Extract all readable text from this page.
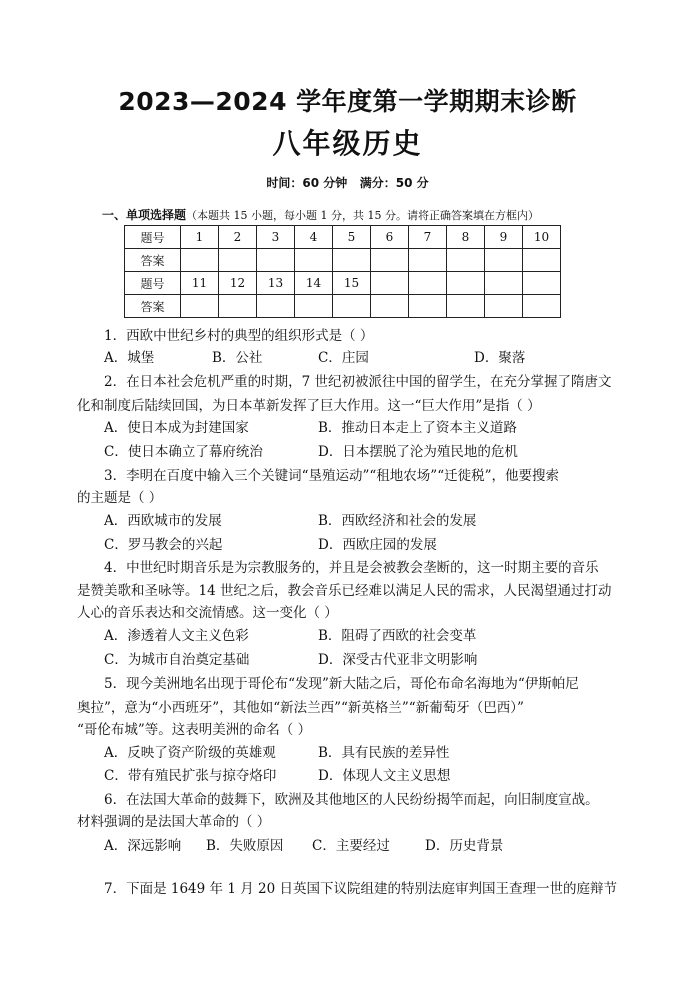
2023—2024 学年度第一学期期末诊断
八年级历史
时间：60 分钟   满分：50 分
一、单项选择题（本题共 15 小题，每小题 1 分，共 15 分。请将正确答案填在方框内）
题号	1	2	3	4	5	6	7	8	9	10
答案										
题号	11	12	13	14	15					
答案										
1．西欧中世纪乡村的典型的组织形式是（ ）
A．城堡	B．公社	C．庄园	D．聚落
2．在日本社会危机严重的时期，7 世纪初被派往中国的留学生，在充分掌握了隋唐文
化和制度后陆续回国，为日本革新发挥了巨大作用。这一“巨大作用”是指（ ）
A．使日本成为封建国家	B．推动日本走上了资本主义道路
C．使日本确立了幕府统治	D．日本摆脱了沦为殖民地的危机
3．李明在百度中输入三个关键词“垦殖运动”“租地农场”“迁徙税”，他要搜索
的主题是（ ）
A．西欧城市的发展	B．西欧经济和社会的发展
C．罗马教会的兴起	D．西欧庄园的发展
4．中世纪时期音乐是为宗教服务的，并且是会被教会垄断的，这一时期主要的音乐
是赞美歌和圣咏等。14 世纪之后，教会音乐已经难以满足人民的需求，人民渴望通过打动
人心的音乐表达和交流情感。这一变化（ ）
A．渗透着人文主义色彩	B．阻碍了西欧的社会变革
C．为城市自治奠定基础	D．深受古代亚非文明影响
5．现今美洲地名出现于哥伦布“发现”新大陆之后，哥伦布命名海地为“伊斯帕尼
奥拉”，意为“小西班牙”，其他如“新法兰西”“新英格兰”“新葡萄牙（巴西）”
“哥伦布城”等。这表明美洲的命名（ ）
A．反映了资产阶级的英雄观	B．具有民族的差异性
C．带有殖民扩张与掠夺烙印	D．体现人文主义思想
6．在法国大革命的鼓舞下，欧洲及其他地区的人民纷纷揭竿而起，向旧制度宣战。
材料强调的是法国大革命的（ ）
A．深远影响 B．失败原因 C．主要经过	D．历史背景
7．下面是 1649 年 1 月 20 日英国下议院组建的特别法庭审判国王查理一世的庭辩节
